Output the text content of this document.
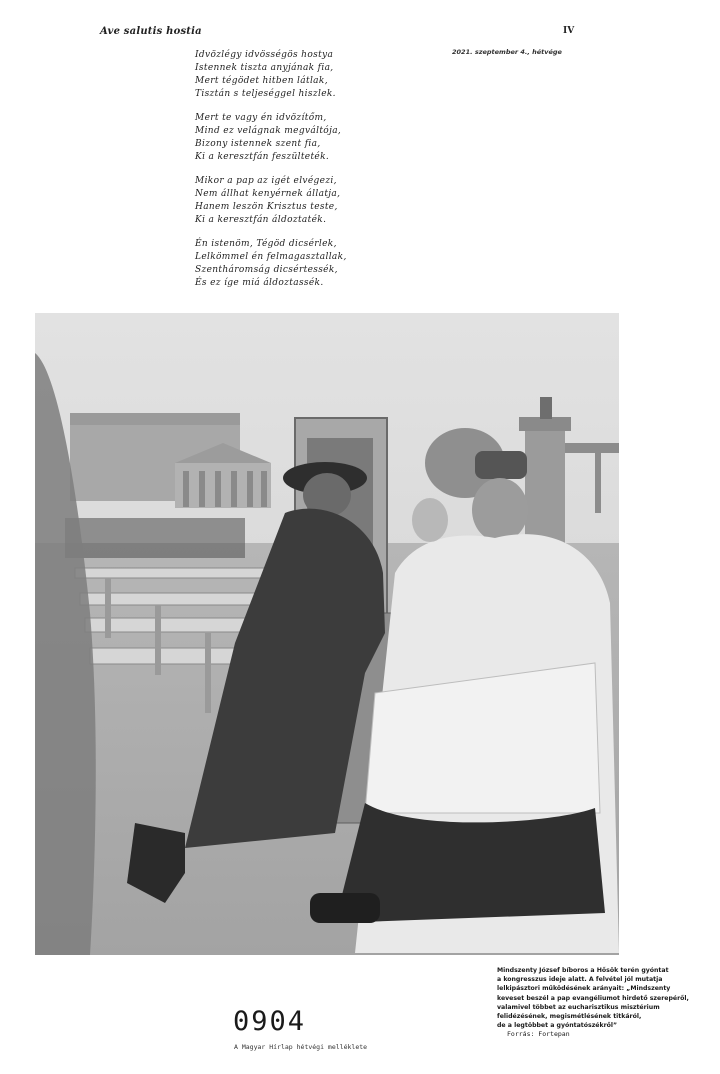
Ave salutis hostia	IV
2021. szeptember 4., hétvége
Idvözlégy idvösségös hostya
Istennek tiszta anyjának fia,
Mert tégödet hitben látlak,
Tisztán s teljeséggel hiszlek.
Mert te vagy én idvözítőm,
Mind ez velágnak megváltója,
Bizony istennek szent fia,
Ki a keresztfán feszülteték.
Mikor a pap az igét elvégezi,
Nem állhat kenyérnek állatja,
Hanem leszön Krisztus teste,
Ki a keresztfán áldoztaték.
Én istenöm, Tégöd dicsérlek,
Lelkömmel én felmagasztallak,
Szentháromság dicsértessék,
És ez íge miá áldoztassék.
Mindszenty József bíboros a Hősök terén gyóntat
a kongresszus ideje alatt. A felvétel jól mutatja
lelkipásztori működésének arányait: „Mindszenty
keveset beszél a pap evangéliumot hirdető szerepéről,
valamivel többet az eucharisztikus misztérium
felidézésének, megismétlésének titkáról,
de a legtöbbet a gyóntatószékről”
Forrás: Fortepan
0904
A Magyar Hírlap hétvégi melléklete
